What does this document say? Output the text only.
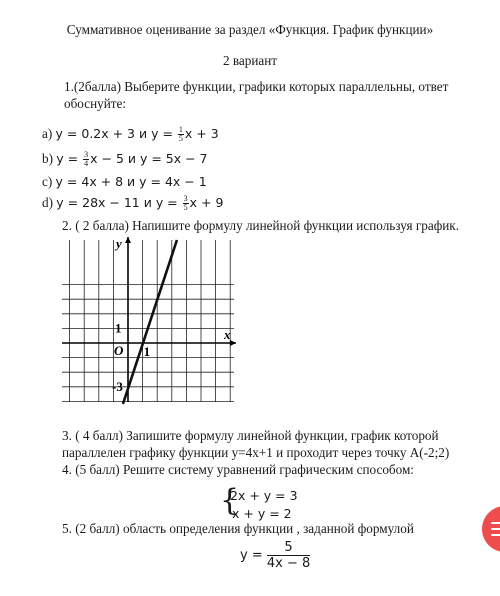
Суммативное оценивание за раздел «Функция. График функции»
2 вариант
1.(2балла) Выберите функции, графики которых параллельны, ответ
обоснуйте:
a) y = 0.2x + 3 и $y = \frac{1}{5}$ x + 3
b) $y = \frac{3}{4}$ x − 5 и y = 5x − 7
c) y = 4x + 8 и y = 4x − 1
d) y = 28x − 11 и $y = \frac{3}{5}$ x + 9
2. ( 2 балла) Напишите формулу линейной функции используя график.
y
x
O 1
1
-3
3. ( 4 балл) Запишите формулу линейной функции, график которой
параллелен графику функции y=4x+1 и проходит через точку А(-2;2)
4. (5 балл) Решите систему уравнений графическим способом:
{
2x + y = 3
x + y = 2
5. (2 балл) область определения функции , заданной формулой
$y = \frac{5}{4x - 8}$
